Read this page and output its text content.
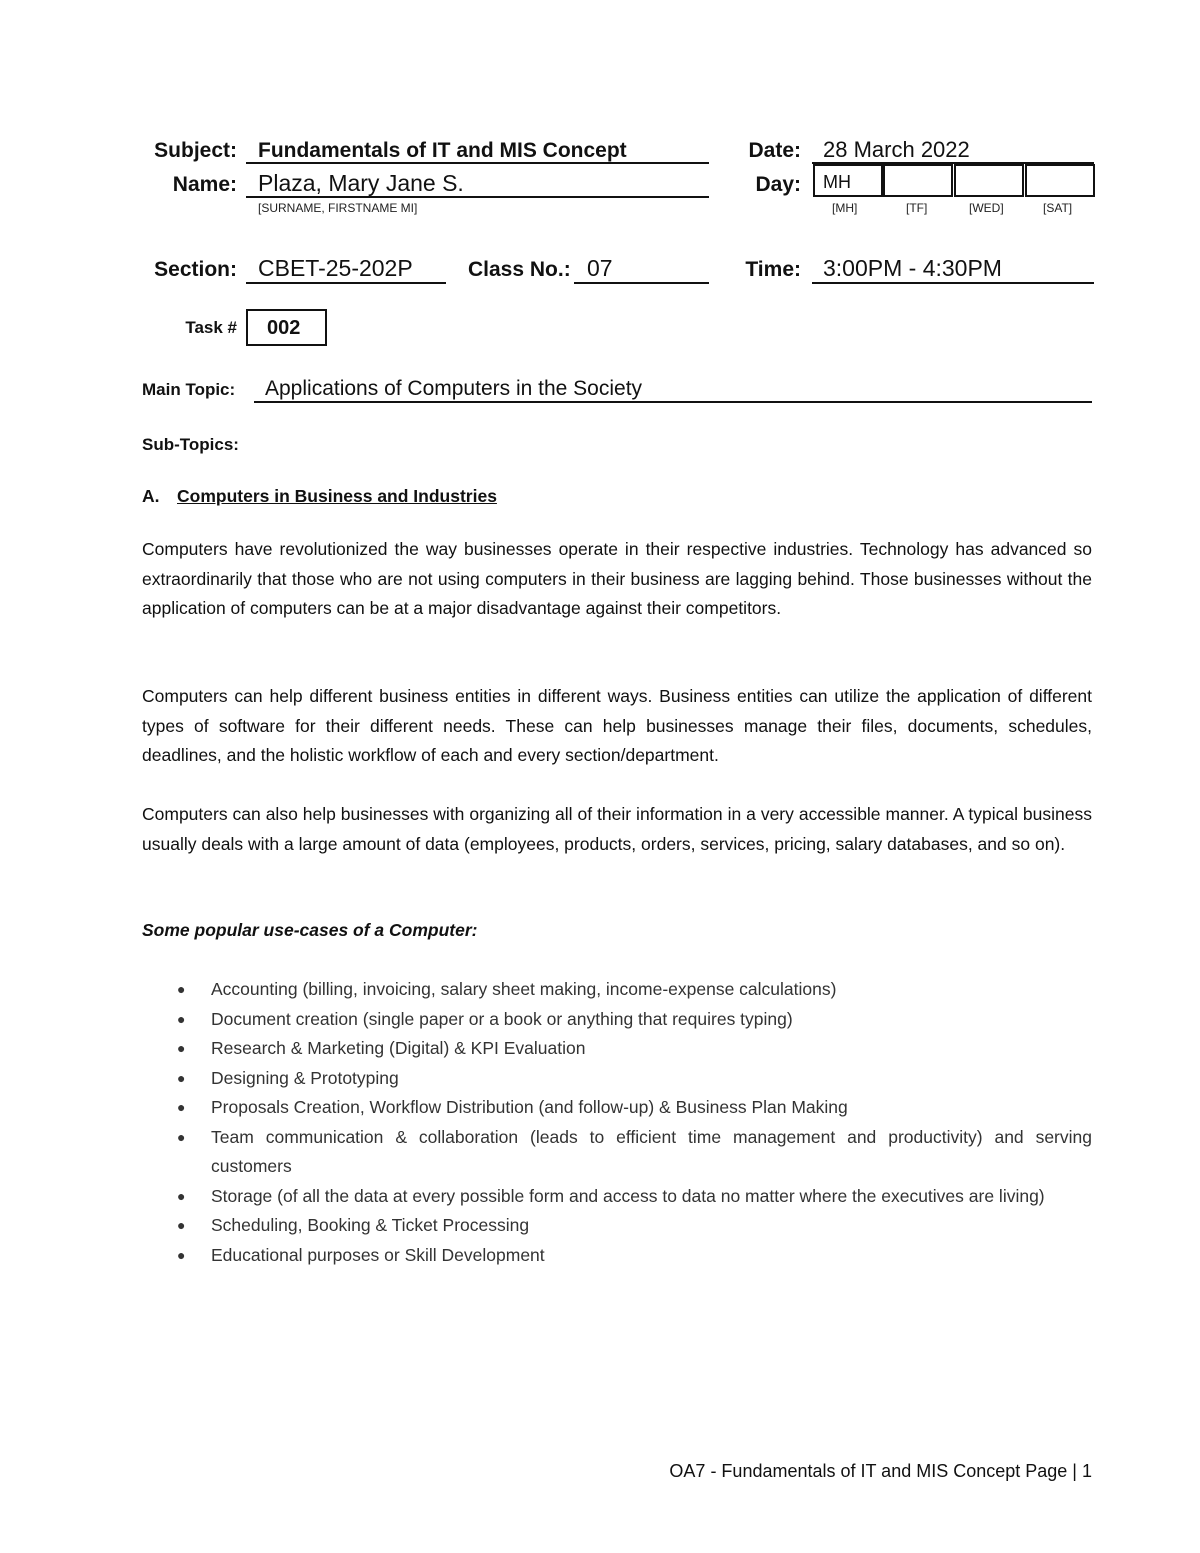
Subject: Fundamentals of IT and MIS Concept	Date: 28 March 2022
Name: Plaza, Mary Jane S.
[SURNAME, FIRSTNAME MI]
Day:	MH
[MH]	[TF]	[WED]	[SAT]
Section: CBET-25-202P	Class No.: 07	Time: 3:00PM - 4:30PM
Task #	002
Main Topic: Applications of Computers in the Society
Sub-Topics:
A. Computers in Business and Industries
Computers have revolutionized the way businesses operate in their respective industries. Technology has advanced so extraordinarily that those who are not using computers in their business are lagging behind. Those businesses without the application of computers can be at a major disadvantage against their competitors.
Computers can help different business entities in different ways. Business entities can utilize the application of different types of software for their different needs. These can help businesses manage their files, documents, schedules, deadlines, and the holistic workflow of each and every section/department.
Computers can also help businesses with organizing all of their information in a very accessible manner. A typical business usually deals with a large amount of data (employees, products, orders, services, pricing, salary databases, and so on).
Some popular use-cases of a Computer:
● Accounting (billing, invoicing, salary sheet making, income-expense calculations)
● Document creation (single paper or a book or anything that requires typing)
● Research & Marketing (Digital) & KPI Evaluation
● Designing & Prototyping
● Proposals Creation, Workflow Distribution (and follow-up) & Business Plan Making
● Team communication & collaboration (leads to efficient time management and productivity) and serving customers
● Storage (of all the data at every possible form and access to data no matter where the executives are living)
● Scheduling, Booking & Ticket Processing
● Educational purposes or Skill Development
OA7 - Fundamentals of IT and MIS Concept Page | 1
